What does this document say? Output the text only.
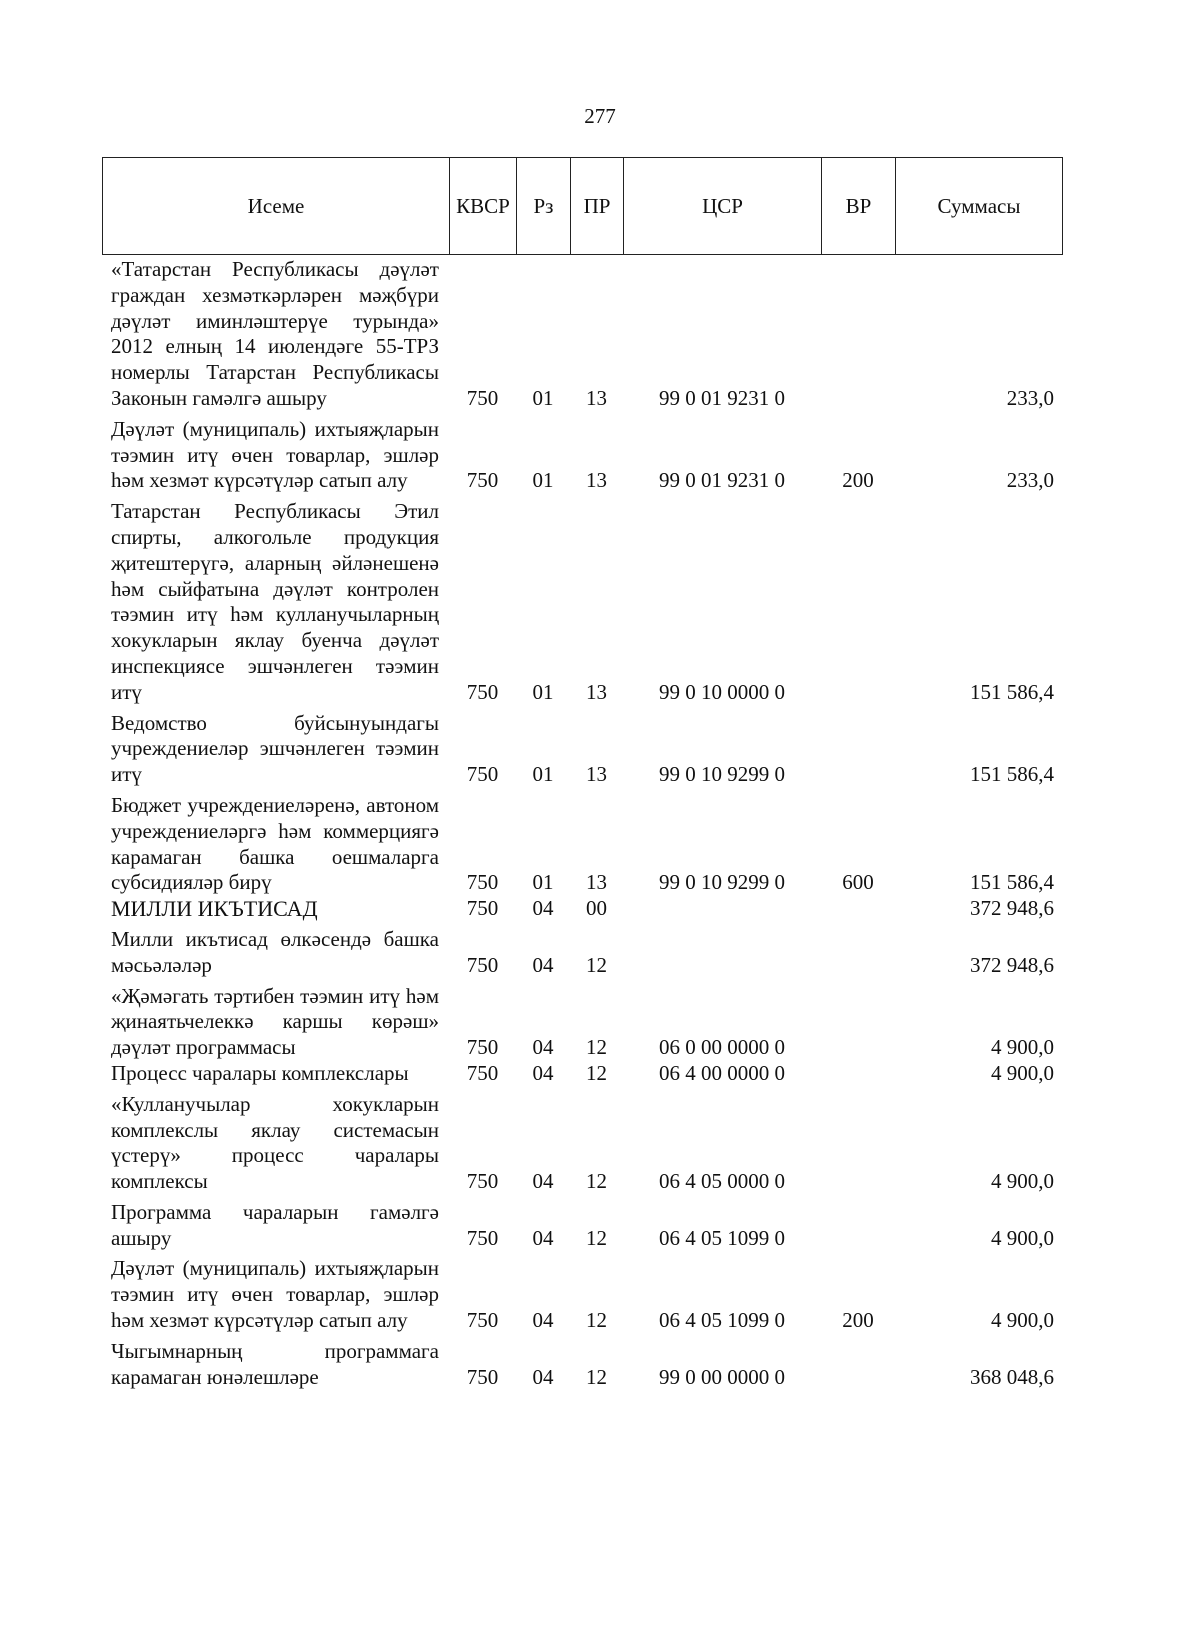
277
Исеме	КВСР	Рз	ПР	ЦСР	ВР	Суммасы
«Татарстан Республикасы дәүләт граждан хезмәткәрләрен мәҗбүри дәүләт иминләштерүе турында» 2012 елның 14 июлендәге 55-ТРЗ номерлы Татарстан Республикасы Законын гамәлгә ашыру	750	01	13	99 0 01 9231 0		233,0
Дәүләт (муниципаль) ихтыяҗларын тәэмин итү өчен товарлар, эшләр һәм хезмәт күрсәтүләр сатып алу	750	01	13	99 0 01 9231 0	200	233,0
Татарстан Республикасы Этил спирты, алкогольле продукция җитештерүгә, аларның әйләнешенә һәм сыйфатына дәүләт контролен тәэмин итү һәм кулланучыларның хокукларын яклау буенча дәүләт инспекциясе эшчәнлеген тәэмин итү	750	01	13	99 0 10 0000 0		151 586,4
Ведомство буйсынуындагы учреждениеләр эшчәнлеген тәэмин итү	750	01	13	99 0 10 9299 0		151 586,4
Бюджет учреждениеләренә, автоном учреждениеләргә һәм коммерциягә карамаган башка оешмаларга субсидияләр бирү	750	01	13	99 0 10 9299 0	600	151 586,4
МИЛЛИ ИКЪТИСАД	750	04	00			372 948,6
Милли икътисад өлкәсендә башка мәсьәләләр	750	04	12			372 948,6
«Җәмәгать тәртибен тәэмин итү һәм җинаятьчелеккә каршы көрәш» дәүләт программасы	750	04	12	06 0 00 0000 0		4 900,0
Процесс чаралары комплекслары	750	04	12	06 4 00 0000 0		4 900,0
«Кулланучылар хокукларын комплекслы яклау системасын үстерү» процесс чаралары комплексы	750	04	12	06 4 05 0000 0		4 900,0
Программа чараларын гамәлгә ашыру	750	04	12	06 4 05 1099 0		4 900,0
Дәүләт (муниципаль) ихтыяҗларын тәэмин итү өчен товарлар, эшләр һәм хезмәт күрсәтүләр сатып алу	750	04	12	06 4 05 1099 0	200	4 900,0
Чыгымнарның программага карамаган юнәлешләре	750	04	12	99 0 00 0000 0		368 048,6
